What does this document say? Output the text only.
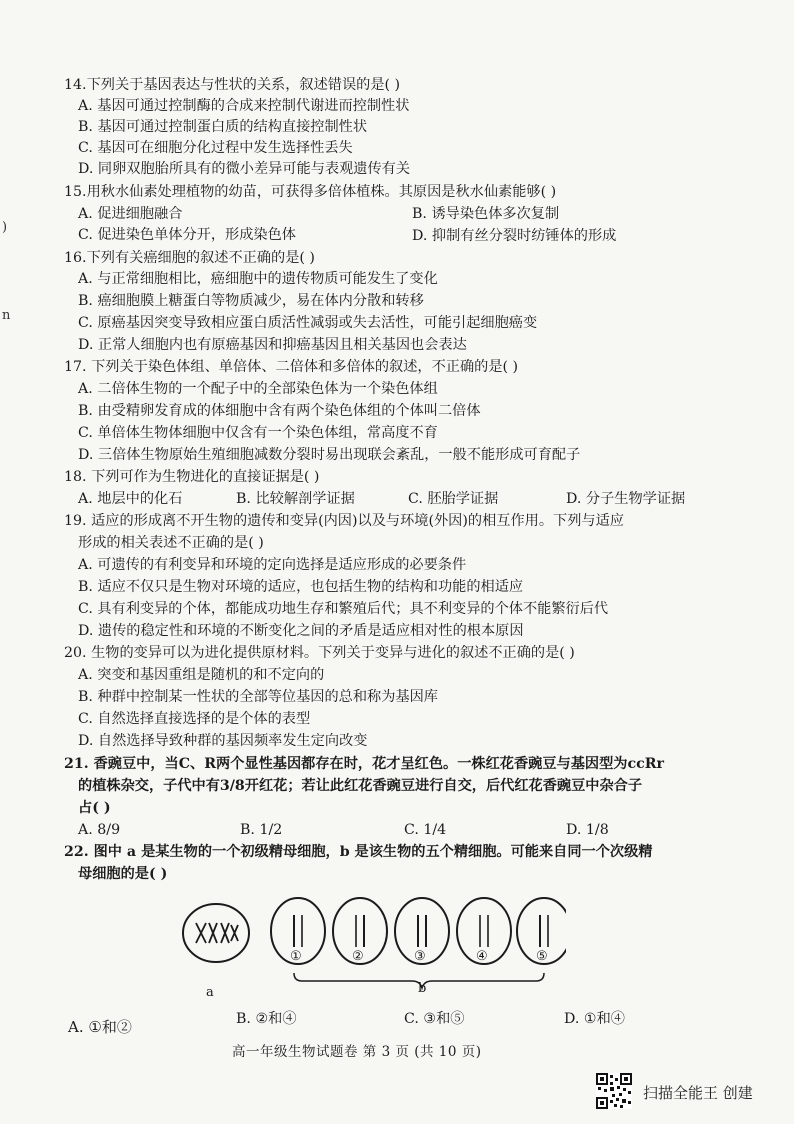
)
n
14.下列关于基因表达与性状的关系，叙述错误的是( )
A. 基因可通过控制酶的合成来控制代谢进而控制性状
B. 基因可通过控制蛋白质的结构直接控制性状
C. 基因可在细胞分化过程中发生选择性丢失
D. 同卵双胞胎所具有的微小差异可能与表观遗传有关
15.用秋水仙素处理植物的幼苗，可获得多倍体植株。其原因是秋水仙素能够( )
A. 促进细胞融合	B. 诱导染色体多次复制
C. 促进染色单体分开，形成染色体	D. 抑制有丝分裂时纺锤体的形成
16.下列有关癌细胞的叙述不正确的是( )
A. 与正常细胞相比，癌细胞中的遗传物质可能发生了变化
B. 癌细胞膜上糖蛋白等物质减少，易在体内分散和转移
C. 原癌基因突变导致相应蛋白质活性减弱或失去活性，可能引起细胞癌变
D. 正常人细胞内也有原癌基因和抑癌基因且相关基因也会表达
17. 下列关于染色体组、单倍体、二倍体和多倍体的叙述，不正确的是( )
A. 二倍体生物的一个配子中的全部染色体为一个染色体组
B. 由受精卵发育成的体细胞中含有两个染色体组的个体叫二倍体
C. 单倍体生物体细胞中仅含有一个染色体组，常高度不育
D. 三倍体生物原始生殖细胞减数分裂时易出现联会紊乱，一般不能形成可育配子
18. 下列可作为生物进化的直接证据是( )
A. 地层中的化石	B. 比较解剖学证据	C. 胚胎学证据	D. 分子生物学证据
19. 适应的形成离不开生物的遗传和变异(内因)以及与环境(外因)的相互作用。下列与适应
形成的相关表述不正确的是( )
A. 可遗传的有利变异和环境的定向选择是适应形成的必要条件
B. 适应不仅只是生物对环境的适应，也包括生物的结构和功能的相适应
C. 具有利变异的个体，都能成功地生存和繁殖后代；具不利变异的个体不能繁衍后代
D. 遗传的稳定性和环境的不断变化之间的矛盾是适应相对性的根本原因
20. 生物的变异可以为进化提供原材料。下列关于变异与进化的叙述不正确的是( )
A. 突变和基因重组是随机的和不定向的
B. 种群中控制某一性状的全部等位基因的总和称为基因库
C. 自然选择直接选择的是个体的表型
D. 自然选择导致种群的基因频率发生定向改变
21. 香豌豆中，当C、R两个显性基因都存在时，花才呈红色。一株红花香豌豆与基因型为ccRr
的植株杂交，子代中有3/8开红花；若让此红花香豌豆进行自交，后代红花香豌豆中杂合子
占( )
A. 8/9	B. 1/2	C. 1/4	D. 1/8
22. 图中 a 是某生物的一个初级精母细胞，b 是该生物的五个精细胞。可能来自同一个次级精
母细胞的是( )
a	b
①	②	③	④	⑤
A. ①和②	B. ②和④	C. ③和⑤	D. ①和④
高一年级生物试题卷 第 3 页 (共 10 页)
扫描全能王 创建
